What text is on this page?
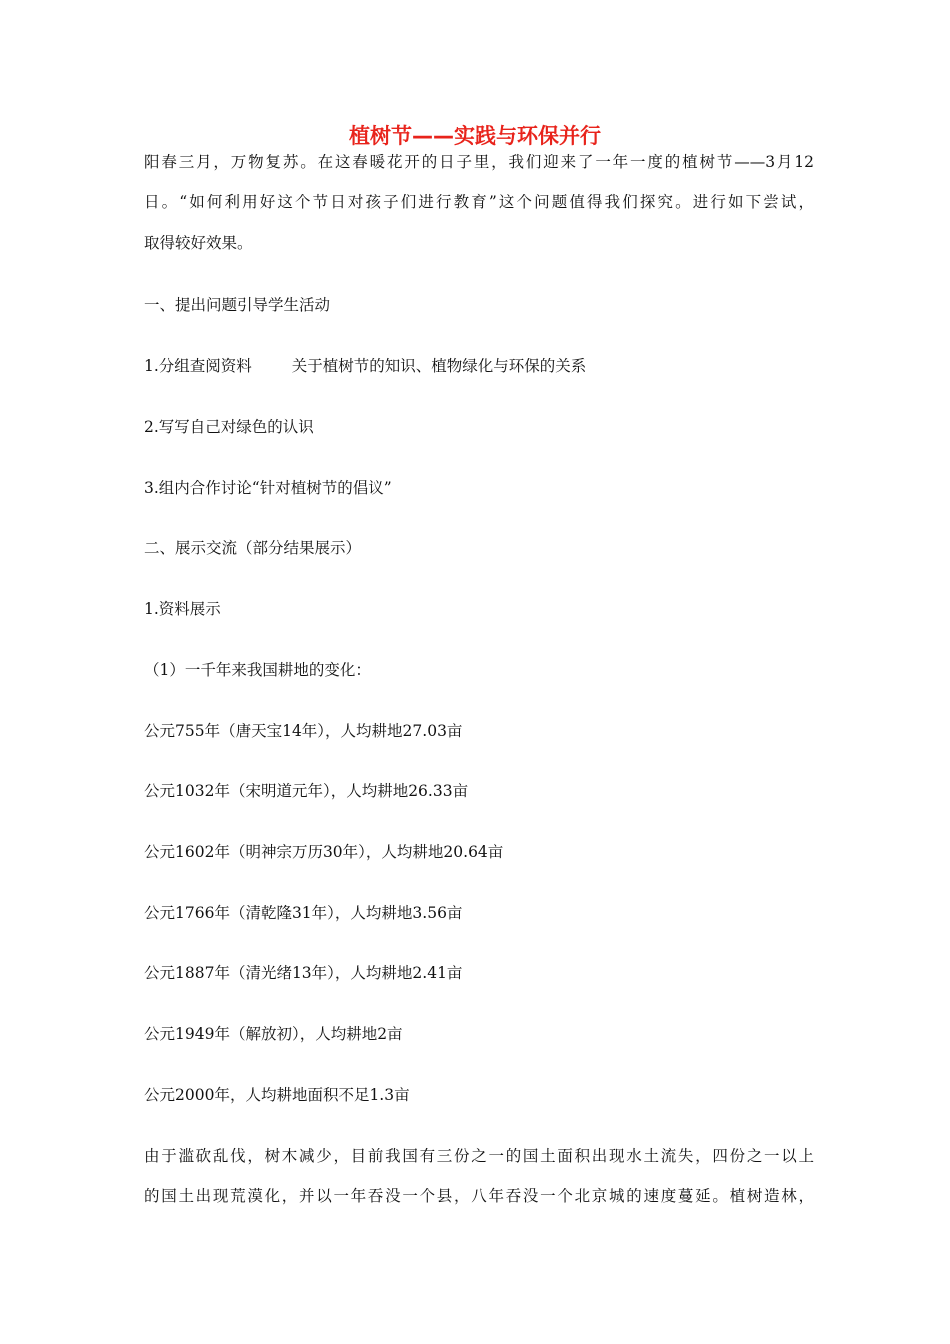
植树节——实践与环保并行

阳春三月，万物复苏。在这春暖花开的日子里，我们迎来了一年一度的植树节——3月12

日。“如何利用好这个节日对孩子们进行教育”这个问题值得我们探究。进行如下尝试，

取得较好效果。

一、提出问题引导学生活动

1.分组查阅资料	关于植树节的知识、植物绿化与环保的关系

2.写写自己对绿色的认识

3.组内合作讨论“针对植树节的倡议”

二、展示交流（部分结果展示）

1.资料展示

（1）一千年来我国耕地的变化：

公元755年（唐天宝14年），人均耕地27.03亩

公元1032年（宋明道元年），人均耕地26.33亩

公元1602年（明神宗万历30年），人均耕地20.64亩

公元1766年（清乾隆31年），人均耕地3.56亩

公元1887年（清光绪13年），人均耕地2.41亩

公元1949年（解放初），人均耕地2亩

公元2000年，人均耕地面积不足1.3亩

由于滥砍乱伐，树木减少，目前我国有三份之一的国土面积出现水土流失，四份之一以上

的国土出现荒漠化，并以一年吞没一个县，八年吞没一个北京城的速度蔓延。植树造林，
